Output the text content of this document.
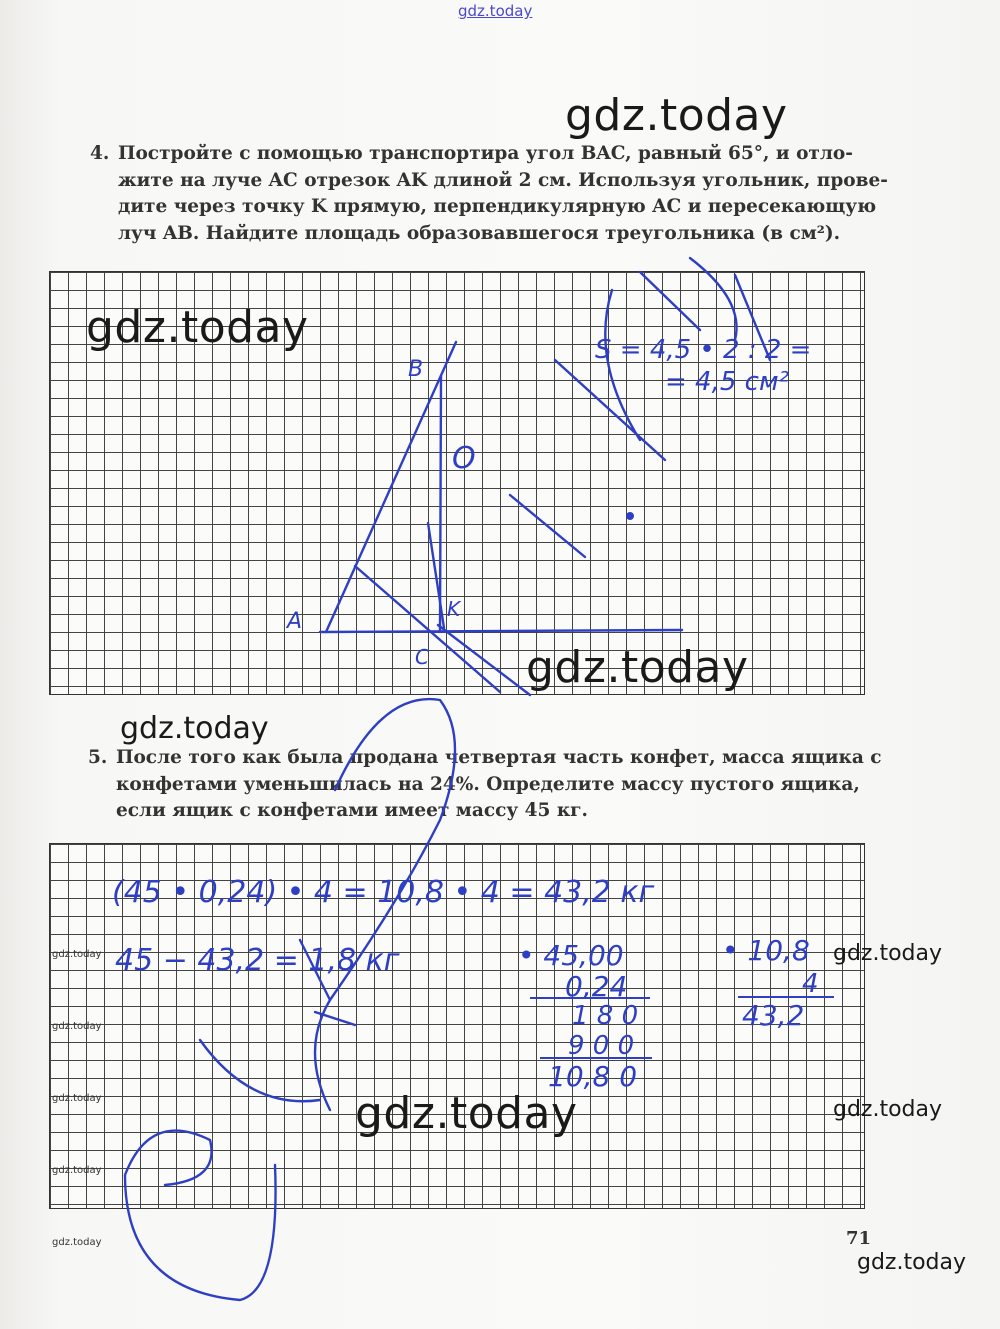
gdz.today

4. Постройте с помощью транспортира угол BAC, равный 65°, и отло-

жите на луче AC отрезок AK длиной 2 см. Используя угольник, прове-

дите через точку K прямую, перпендикулярную AC и пересекающую

луч AB. Найдите площадь образовавшегося треугольника (в см²).

5. После того как была продана четвертая часть конфет, масса ящика с

конфетами уменьшилась на 24%. Определите массу пустого ящика,

если ящик с конфетами имеет массу 45 кг.

71
B
A	K
C
O
S = 4,5 • 2 : 2 =
= 4,5 см²
(45 • 0,24) • 4 = 10,8 • 4 = 43,2 кг
45 − 43,2 = 1,8 кг	• 45,00
0,24
1 8 0
9 0 0
10,8 0
• 10,8
4
43,2
gdz.today
gdz.today
gdz.today
gdz.today
gdz.today
gdz.today
gdz.today
gdz.today
gdz.today
gdz.today
gdz.today
gdz.today
gdz.today
